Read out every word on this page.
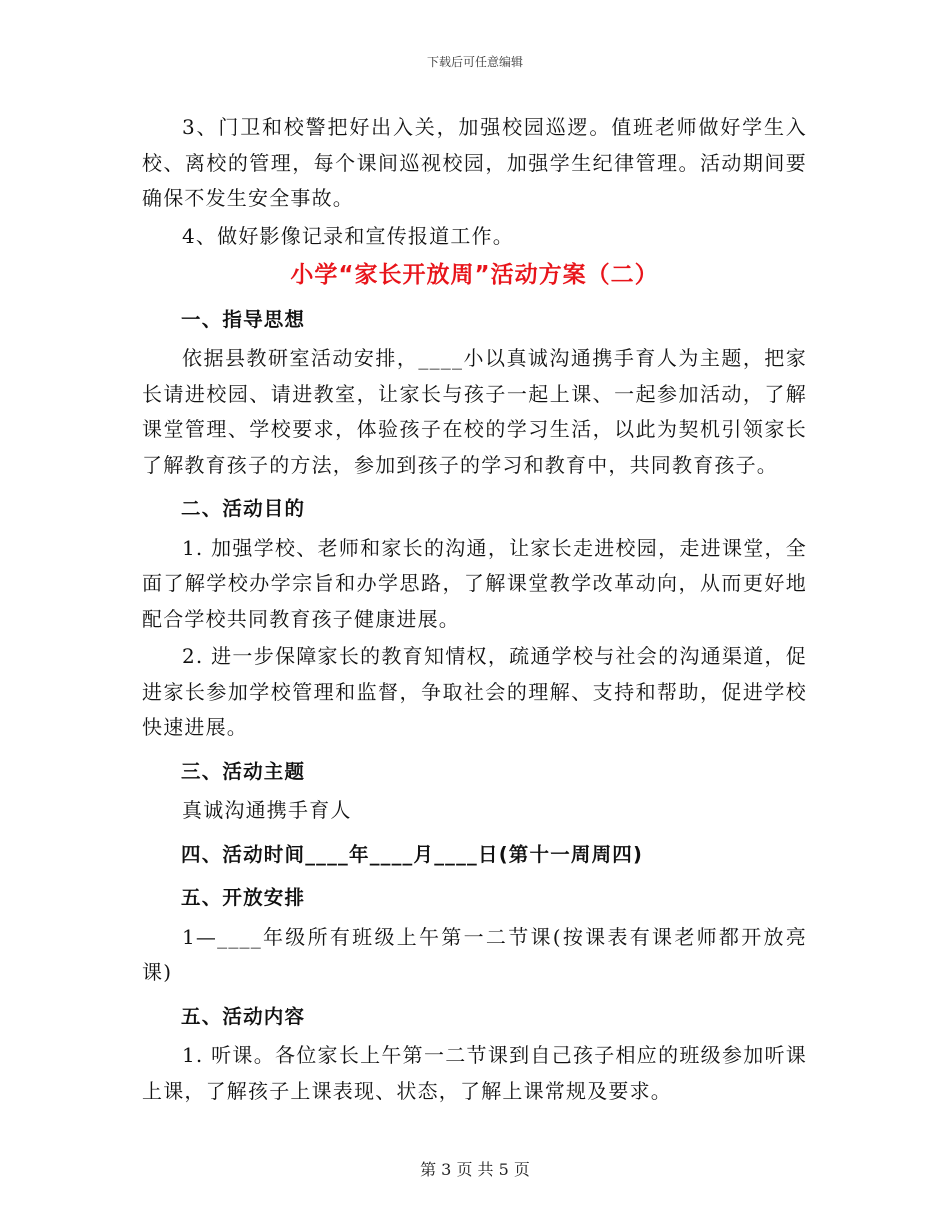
下载后可任意编辑

3、门卫和校警把好出入关，加强校园巡逻。值班老师做好学生入校、离校的管理，每个课间巡视校园，加强学生纪律管理。活动期间要确保不发生安全事故。

4、做好影像记录和宣传报道工作。

小学“家长开放周”活动方案（二）
一、指导思想

依据县教研室活动安排，____小以真诚沟通携手育人为主题，把家长请进校园、请进教室，让家长与孩子一起上课、一起参加活动，了解课堂管理、学校要求，体验孩子在校的学习生活，以此为契机引领家长了解教育孩子的方法，参加到孩子的学习和教育中，共同教育孩子。

二、活动目的

1. 加强学校、老师和家长的沟通，让家长走进校园，走进课堂，全面了解学校办学宗旨和办学思路，了解课堂教学改革动向，从而更好地配合学校共同教育孩子健康进展。

2. 进一步保障家长的教育知情权，疏通学校与社会的沟通渠道，促进家长参加学校管理和监督，争取社会的理解、支持和帮助，促进学校快速进展。

三、活动主题

真诚沟通携手育人

四、活动时间____年____月____日(第十一周周四)
五、开放安排

1—____年级所有班级上午第一二节课(按课表有课老师都开放亮课)

五、活动内容

1. 听课。各位家长上午第一二节课到自己孩子相应的班级参加听课上课，了解孩子上课表现、状态，了解上课常规及要求。

第 3 页 共 5 页
